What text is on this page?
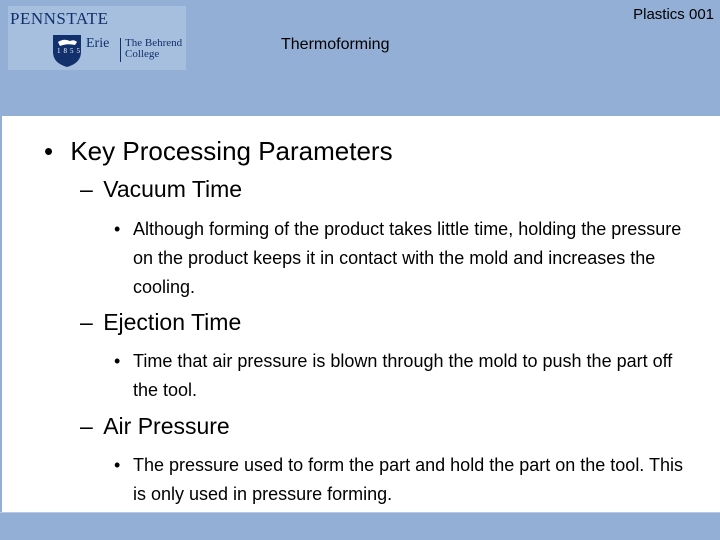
PENNSTATE
1855 Erie The Behrend
College
Plastics 001
Thermoforming
• Key Processing Parameters
– Vacuum Time
• Although forming of the product takes little time, holding the pressure on the product keeps it in contact with the mold and increases the cooling.
– Ejection Time
• Time that air pressure is blown through the mold to push the part off the tool.
– Air Pressure
• The pressure used to form the part and hold the part on the tool. This is only used in pressure forming.
